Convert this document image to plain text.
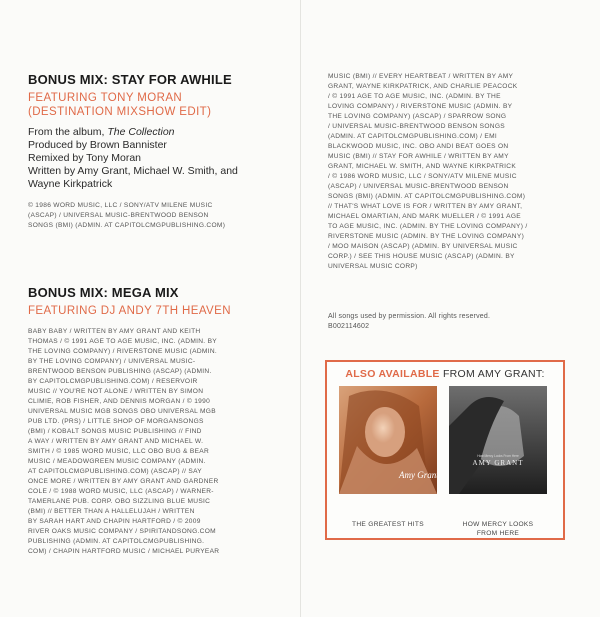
BONUS MIX: STAY FOR AWHILE
FEATURING TONY MORAN
(DESTINATION MIXSHOW EDIT)
From the album, The Collection
Produced by Brown Bannister
Remixed by Tony Moran
Written by Amy Grant, Michael W. Smith, and
Wayne Kirkpatrick
© 1986 WORD MUSIC, LLC / SONY/ATV MILENE MUSIC
(ASCAP) / UNIVERSAL MUSIC-BRENTWOOD BENSON
SONGS (BMI) (ADMIN. AT CAPITOLCMGPUBLISHING.COM)
BONUS MIX: MEGA MIX
FEATURING DJ ANDY 7TH HEAVEN
BABY BABY / WRITTEN BY AMY GRANT AND KEITH
THOMAS / © 1991 AGE TO AGE MUSIC, INC. (ADMIN. BY
THE LOVING COMPANY) / RIVERSTONE MUSIC (ADMIN.
BY THE LOVING COMPANY) / UNIVERSAL MUSIC-
BRENTWOOD BENSON PUBLISHING (ASCAP) (ADMIN.
BY CAPITOLCMGPUBLISHING.COM) / RESERVOIR
MUSIC // YOU'RE NOT ALONE / WRITTEN BY SIMON
CLIMIE, ROB FISHER, AND DENNIS MORGAN / © 1990
UNIVERSAL MUSIC MGB SONGS OBO UNIVERSAL MGB
PUB LTD. (PRS) / LITTLE SHOP OF MORGANSONGS
(BMI) / KOBALT SONGS MUSIC PUBLISHING // FIND
A WAY / WRITTEN BY AMY GRANT AND MICHAEL W.
SMITH / © 1985 WORD MUSIC, LLC OBO BUG & BEAR
MUSIC / MEADOWGREEN MUSIC COMPANY (ADMIN.
AT CAPITOLCMGPUBLISHING.COM) (ASCAP) // SAY
ONCE MORE / WRITTEN BY AMY GRANT AND GARDNER
COLE / © 1988 WORD MUSIC, LLC (ASCAP) / WARNER-
TAMERLANE PUB. CORP. OBO SIZZLING BLUE MUSIC
(BMI) // BETTER THAN A HALLELUJAH / WRITTEN
BY SARAH HART AND CHAPIN HARTFORD / © 2009
RIVER OAKS MUSIC COMPANY / SPIRITANDSONG.COM
PUBLISHING (ADMIN. AT CAPITOLCMGPUBLISHING.
COM) / CHAPIN HARTFORD MUSIC / MICHAEL PURYEAR
MUSIC (BMI) // EVERY HEARTBEAT / WRITTEN BY AMY
GRANT, WAYNE KIRKPATRICK, AND CHARLIE PEACOCK
/ © 1991 AGE TO AGE MUSIC, INC. (ADMIN. BY THE
LOVING COMPANY) / RIVERSTONE MUSIC (ADMIN. BY
THE LOVING COMPANY) (ASCAP) / SPARROW SONG
/ UNIVERSAL MUSIC-BRENTWOOD BENSON SONGS
(ADMIN. AT CAPITOLCMGPUBLISHING.COM) / EMI
BLACKWOOD MUSIC, INC. OBO ANDI BEAT GOES ON
MUSIC (BMI) // STAY FOR AWHILE / WRITTEN BY AMY
GRANT, MICHAEL W. SMITH, AND WAYNE KIRKPATRICK
/ © 1986 WORD MUSIC, LLC / SONY/ATV MILENE MUSIC
(ASCAP) / UNIVERSAL MUSIC-BRENTWOOD BENSON
SONGS (BMI) (ADMIN. AT CAPITOLCMGPUBLISHING.COM)
// THAT'S WHAT LOVE IS FOR / WRITTEN BY AMY GRANT,
MICHAEL OMARTIAN, AND MARK MUELLER / © 1991 AGE
TO AGE MUSIC, INC. (ADMIN. BY THE LOVING COMPANY) /
RIVERSTONE MUSIC (ADMIN. BY THE LOVING COMPANY)
/ MOO MAISON (ASCAP) (ADMIN. BY UNIVERSAL MUSIC
CORP.) / SEE THIS HOUSE MUSIC (ASCAP) (ADMIN. BY
UNIVERSAL MUSIC CORP)
All songs used by permission. All rights reserved.
B002114602
ALSO AVAILABLE FROM AMY GRANT:
Amy Grant
THE GREATEST HITS
How Mercy Looks From Here
AMY GRANT
HOW MERCY LOOKS
FROM HERE
